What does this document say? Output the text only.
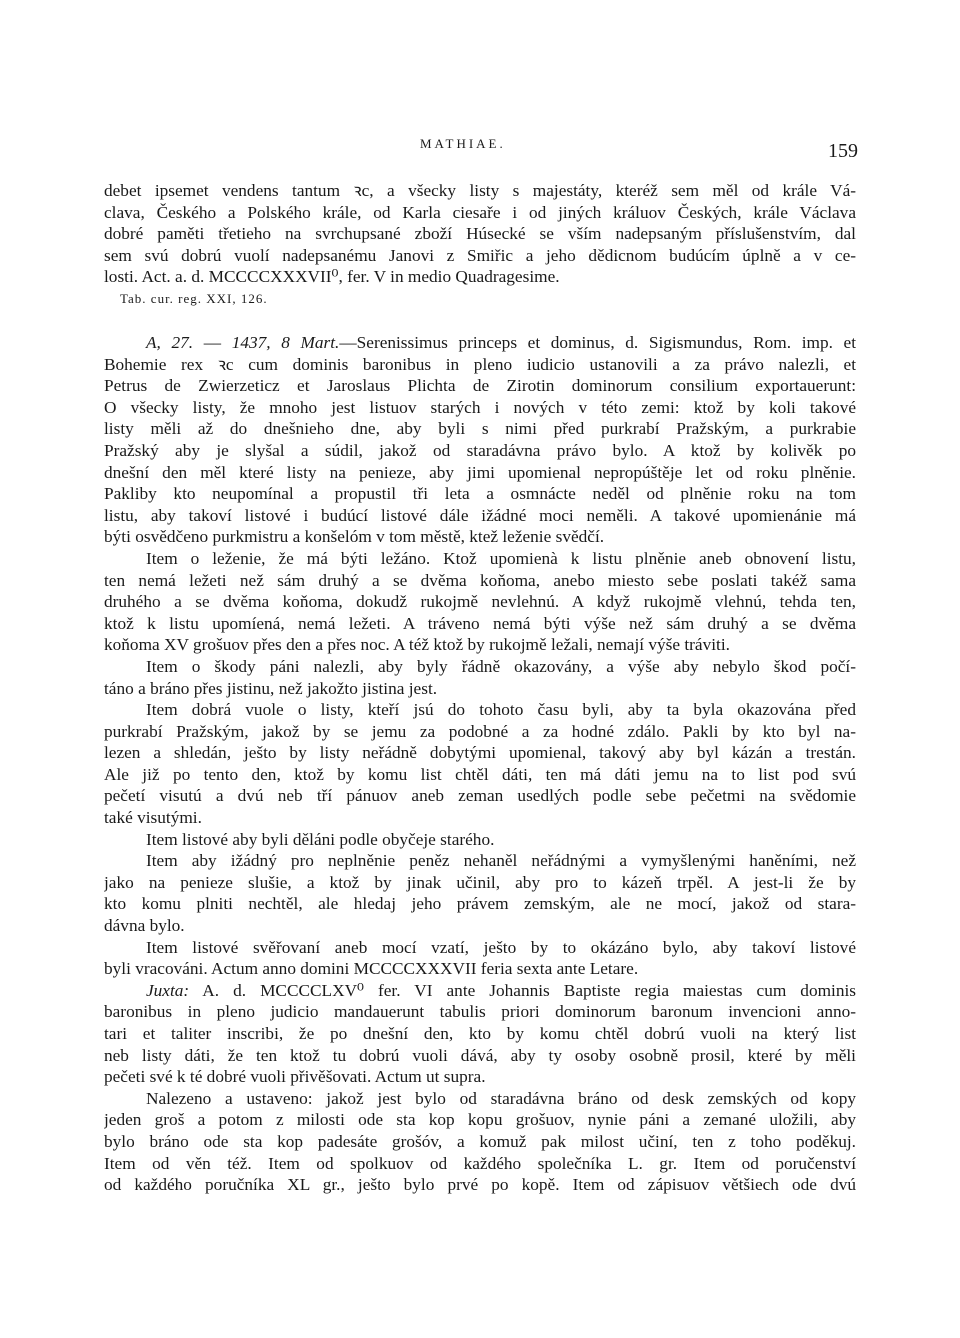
MATHIAE.	159
debet ipsemet vendens tantum ꝛc, a všecky listy s majestáty, kteréž sem měl od krále Vá-
clava, Českého a Polského krále, od Karla ciesaře i od jiných králuov Českých, krále Václava
dobré paměti třetieho na svrchupsané zboží Húsecké se vším nadepsaným příslušenstvím, dal
sem svú dobrú vuolí nadepsanému Janovi z Smiřic a jeho dědicnom budúcím úplně a v ce-
losti. Act. a. d. MCCCCXXXVII⁰, fer. V in medio Quadragesime.
Tab. cur. reg. XXI, 126.
A, 27. — 1437, 8 Mart.—Serenissimus princeps et dominus, d. Sigismundus, Rom. imp. et
Bohemie rex ꝛc cum dominis baronibus in pleno iudicio ustanovili a za právo nalezli, et
Petrus de Zwierzeticz et Jaroslaus Plichta de Zirotin dominorum consilium exportauerunt:
O všecky listy, že mnoho jest listuov starých i nových v této zemi: ktož by koli takové
listy měli až do dnešnieho dne, aby byli s nimi před purkrabí Pražským, a purkrabie
Pražský aby je slyšal a súdil, jakož od staradávna právo bylo. A ktož by kolivěk po
dnešní den měl které listy na penieze, aby jimi upomienal nepropúštěje let od roku plněnie.
Pakliby kto neupomínal a propustil tři leta a osmnácte neděl od plněnie roku na tom
listu, aby takoví listové i budúcí listové dále ižádné moci neměli. A takové upomienánie má
býti osvědčeno purkmistru a konšelóm v tom městě, ktež leženie svědčí.
Item o leženie, že má býti ležáno. Ktož upomienà k listu plněnie aneb obnovení listu,
ten nemá ležeti než sám druhý a se dvěma koňoma, anebo miesto sebe poslati takéž sama
druhého a se dvěma koňoma, dokudž rukojmě nevlehnú. A když rukojmě vlehnú, tehda ten,
ktož k listu upomíená, nemá ležeti. A tráveno nemá býti výše než sám druhý a se dvěma
koňoma XV grošuov přes den a přes noc. A též ktož by rukojmě ležali, nemají výše tráviti.
Item o škody páni nalezli, aby byly řádně okazovány, a výše aby nebylo škod počí-
táno a bráno přes jistinu, než jakožto jistina jest.
Item dobrá vuole o listy, kteří jsú do tohoto času byli, aby ta byla okazována před
purkrabí Pražským, jakož by se jemu za podobné a za hodné zdálo. Pakli by kto byl na-
lezen a shledán, ješto by listy neřádně dobytými upomienal, takový aby byl kázán a trestán.
Ale již po tento den, ktož by komu list chtěl dáti, ten má dáti jemu na to list pod svú
pečetí visutú a dvú neb tří pánuov aneb zeman usedlých podle sebe pečetmi na svědomie
také visutými.
Item listové aby byli děláni podle obyčeje starého.
Item aby ižádný pro neplněnie peněz nehaněl neřádnými a vymyšlenými haněními, než
jako na penieze slušie, a ktož by jinak učinil, aby pro to kázeň trpěl. A jest-li že by
kto komu plniti nechtěl, ale hledaj jeho právem zemským, ale ne mocí, jakož od stara-
dávna bylo.
Item listové svěřovaní aneb mocí vzatí, ješto by to okázáno bylo, aby takoví listové
byli vracováni. Actum anno domini MCCCCXXXVII feria sexta ante Letare.
Juxta: A. d. MCCCCLXV⁰ fer. VI ante Johannis Baptiste regia maiestas cum dominis
baronibus in pleno judicio mandauerunt tabulis priori dominorum baronum invencioni anno-
tari et taliter inscribi, že po dnešní den, kto by komu chtěl dobrú vuoli na který list
neb listy dáti, že ten ktož tu dobrú vuoli dává, aby ty osoby osobně prosil, které by měli
pečeti své k té dobré vuoli přivěšovati. Actum ut supra.
Nalezeno a ustaveno: jakož jest bylo od staradávna bráno od desk zemských od kopy
jeden groš a potom z milosti ode sta kop kopu grošuov, nynie páni a zemané uložili, aby
bylo bráno ode sta kop padesáte grošóv, a komuž pak milost učiní, ten z toho poděkuj.
Item od věn též. Item od spolkuov od každého společníka L. gr. Item od poručenství
od každého poručníka XL gr., ješto bylo prvé po kopě. Item od zápisuov většiech ode dvú
